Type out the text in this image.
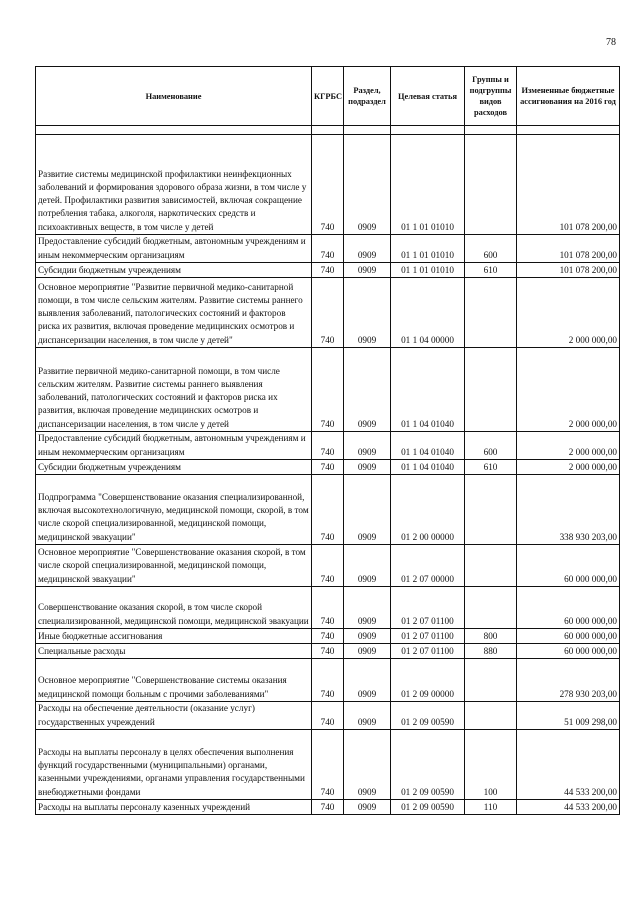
78
Наименование	КГРБС	Раздел, подраздел	Целевая статья	Группы и подгруппы видов расходов	Измененные бюджетные ассигнования на 2016 год

Развитие системы медицинской профилактики неинфекционных заболеваний и формирования здорового образа жизни, в том числе у детей. Профилактики развития зависимостей, включая сокращение потребления табака, алкоголя, наркотических средств и психоактивных веществ, в том числе у детей	740	0909	01 1 01 01010		101 078 200,00
Предоставление субсидий бюджетным, автономным учреждениям и иным некоммерческим организациям	740	0909	01 1 01 01010	600	101 078 200,00
Субсидии бюджетным учреждениям	740	0909	01 1 01 01010	610	101 078 200,00
Основное мероприятие "Развитие первичной медико-санитарной помощи, в том числе сельским жителям. Развитие системы раннего выявления заболеваний, патологических состояний и факторов риска их развития, включая проведение медицинских осмотров и диспансеризации населения, в том числе у детей"	740	0909	01 1 04 00000		2 000 000,00
Развитие первичной медико-санитарной помощи, в том числе сельским жителям. Развитие системы раннего выявления заболеваний, патологических состояний и факторов риска их развития, включая проведение медицинских осмотров и диспансеризации населения, в том числе у детей	740	0909	01 1 04 01040		2 000 000,00
Предоставление субсидий бюджетным, автономным учреждениям и иным некоммерческим организациям	740	0909	01 1 04 01040	600	2 000 000,00
Субсидии бюджетным учреждениям	740	0909	01 1 04 01040	610	2 000 000,00
Подпрограмма "Совершенствование оказания специализированной, включая высокотехнологичную, медицинской помощи, скорой, в том числе скорой специализированной, медицинской помощи, медицинской эвакуации"	740	0909	01 2 00 00000		338 930 203,00
Основное мероприятие "Совершенствование оказания скорой, в том числе скорой специализированной, медицинской помощи, медицинской эвакуации"	740	0909	01 2 07 00000		60 000 000,00
Совершенствование оказания скорой, в том числе скорой специализированной, медицинской помощи, медицинской эвакуации	740	0909	01 2 07 01100		60 000 000,00
Иные бюджетные ассигнования	740	0909	01 2 07 01100	800	60 000 000,00
Специальные расходы	740	0909	01 2 07 01100	880	60 000 000,00
Основное мероприятие "Совершенствование системы оказания медицинской помощи больным с прочими заболеваниями"	740	0909	01 2 09 00000		278 930 203,00
Расходы на обеспечение деятельности (оказание услуг) государственных учреждений	740	0909	01 2 09 00590		51 009 298,00
Расходы на выплаты персоналу в целях обеспечения выполнения функций государственными (муниципальными) органами, казенными учреждениями, органами управления государственными внебюджетными фондами	740	0909	01 2 09 00590	100	44 533 200,00
Расходы на выплаты персоналу казенных учреждений	740	0909	01 2 09 00590	110	44 533 200,00
